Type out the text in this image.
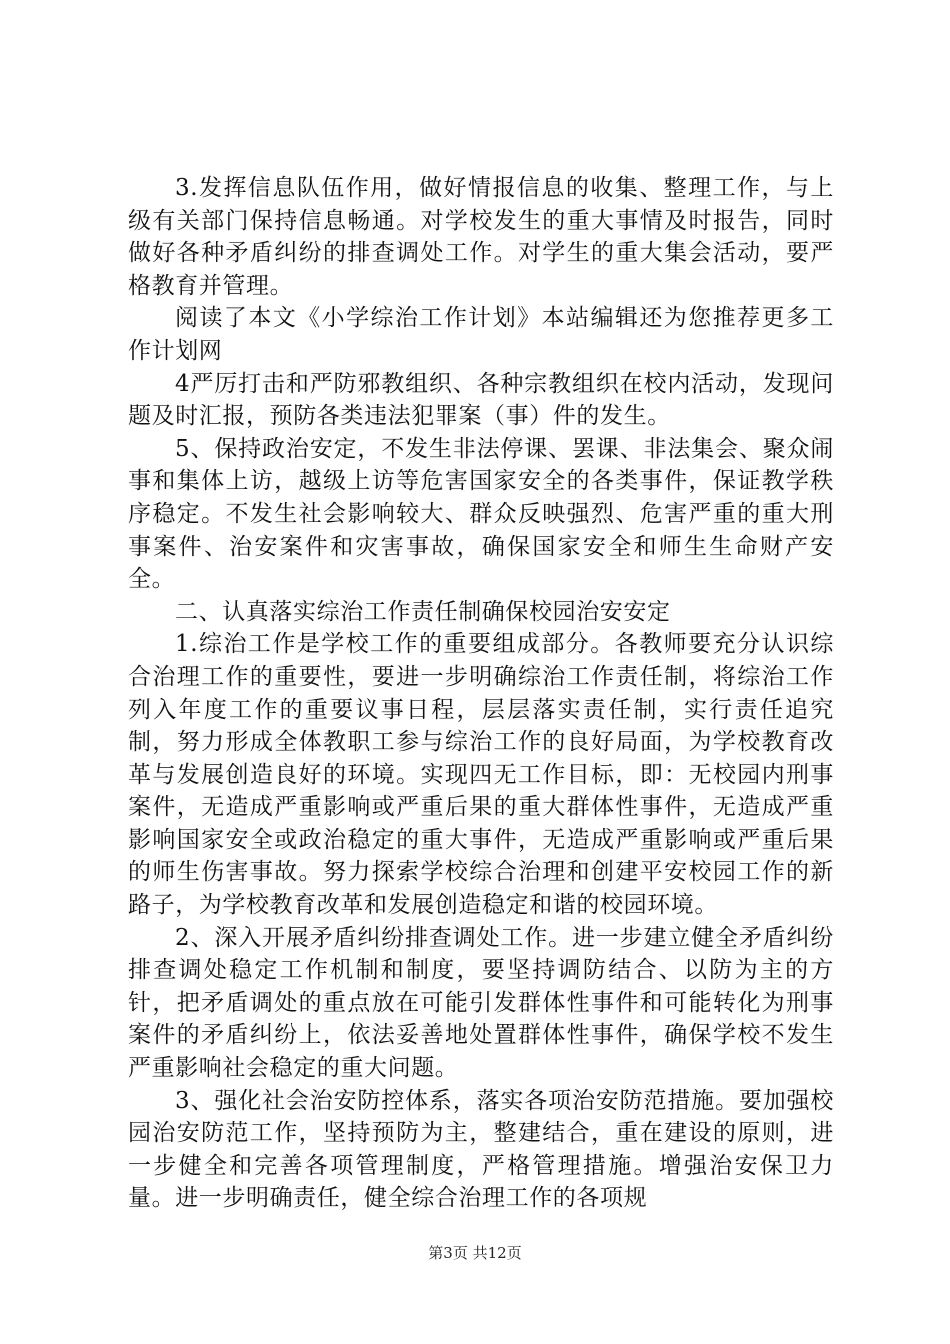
3.发挥信息队伍作用，做好情报信息的收集、整理工作，与上级有关部门保持信息畅通。对学校发生的重大事情及时报告，同时做好各种矛盾纠纷的排查调处工作。对学生的重大集会活动，要严格教育并管理。

阅读了本文《小学综治工作计划》本站编辑还为您推荐更多工作计划网

4严厉打击和严防邪教组织、各种宗教组织在校内活动，发现问题及时汇报，预防各类违法犯罪案（事）件的发生。

5、保持政治安定，不发生非法停课、罢课、非法集会、聚众闹事和集体上访，越级上访等危害国家安全的各类事件，保证教学秩序稳定。不发生社会影响较大、群众反映强烈、危害严重的重大刑事案件、治安案件和灾害事故，确保国家安全和师生生命财产安全。

二、认真落实综治工作责任制确保校园治安安定

1.综治工作是学校工作的重要组成部分。各教师要充分认识综合治理工作的重要性，要进一步明确综治工作责任制，将综治工作列入年度工作的重要议事日程，层层落实责任制，实行责任追究制，努力形成全体教职工参与综治工作的良好局面，为学校教育改革与发展创造良好的环境。实现四无工作目标，即：无校园内刑事案件，无造成严重影响或严重后果的重大群体性事件，无造成严重影响国家安全或政治稳定的重大事件，无造成严重影响或严重后果的师生伤害事故。努力探索学校综合治理和创建平安校园工作的新路子，为学校教育改革和发展创造稳定和谐的校园环境。

2、深入开展矛盾纠纷排查调处工作。进一步建立健全矛盾纠纷排查调处稳定工作机制和制度，要坚持调防结合、以防为主的方针，把矛盾调处的重点放在可能引发群体性事件和可能转化为刑事案件的矛盾纠纷上，依法妥善地处置群体性事件，确保学校不发生严重影响社会稳定的重大问题。

3、强化社会治安防控体系，落实各项治安防范措施。要加强校园治安防范工作，坚持预防为主，整建结合，重在建设的原则，进一步健全和完善各项管理制度，严格管理措施。增强治安保卫力量。进一步明确责任，健全综合治理工作的各项规

第3页 共12页
